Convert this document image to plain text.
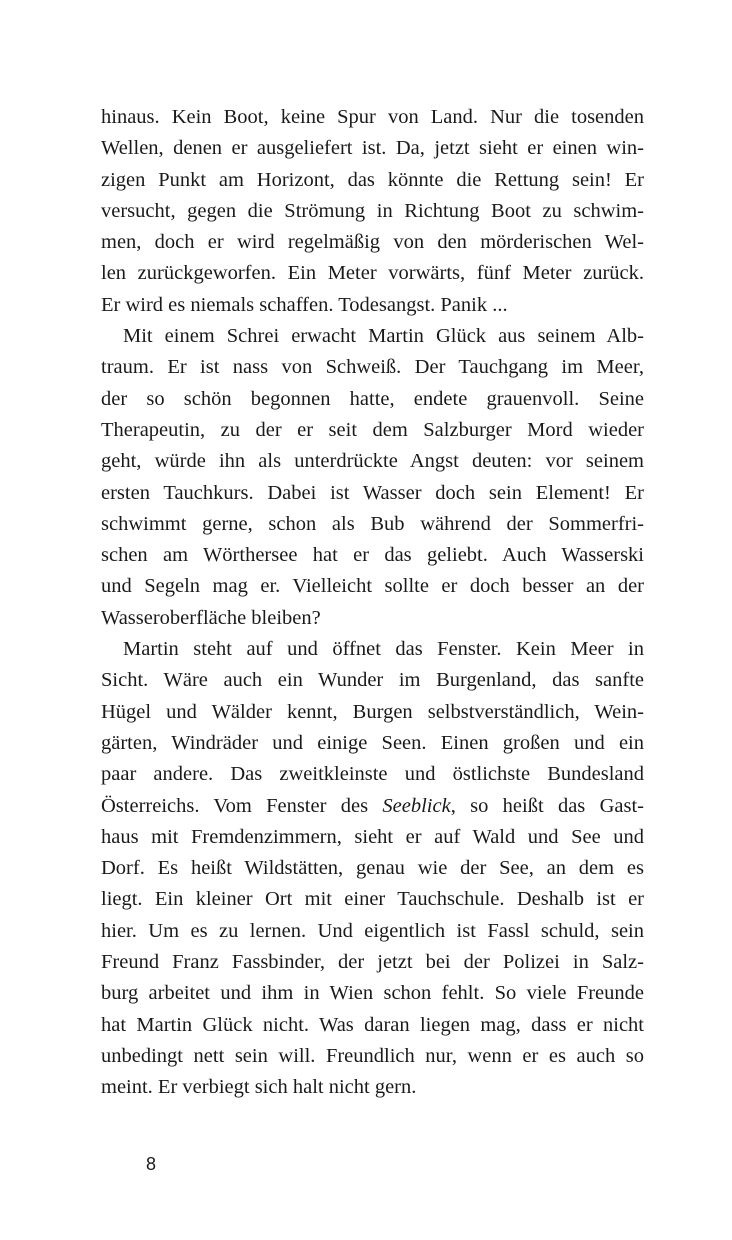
hinaus. Kein Boot, keine Spur von Land. Nur die tosenden
Wellen, denen er ausgeliefert ist. Da, jetzt sieht er einen win-
zigen Punkt am Horizont, das könnte die Rettung sein! Er
versucht, gegen die Strömung in Richtung Boot zu schwim-
men, doch er wird regelmäßig von den mörderischen Wel-
len zurückgeworfen. Ein Meter vorwärts, fünf Meter zurück.
Er wird es niemals schaffen. Todesangst. Panik ...
Mit einem Schrei erwacht Martin Glück aus seinem Alb-
traum. Er ist nass von Schweiß. Der Tauchgang im Meer,
der so schön begonnen hatte, endete grauenvoll. Seine
Therapeutin, zu der er seit dem Salzburger Mord wieder
geht, würde ihn als unterdrückte Angst deuten: vor seinem
ersten Tauchkurs. Dabei ist Wasser doch sein Element! Er
schwimmt gerne, schon als Bub während der Sommerfri-
schen am Wörthersee hat er das geliebt. Auch Wasserski
und Segeln mag er. Vielleicht sollte er doch besser an der
Wasseroberfläche bleiben?
Martin steht auf und öffnet das Fenster. Kein Meer in
Sicht. Wäre auch ein Wunder im Burgenland, das sanfte
Hügel und Wälder kennt, Burgen selbstverständlich, Wein-
gärten, Windräder und einige Seen. Einen großen und ein
paar andere. Das zweitkleinste und östlichste Bundesland
Österreichs. Vom Fenster des Seeblick, so heißt das Gast-
haus mit Fremdenzimmern, sieht er auf Wald und See und
Dorf. Es heißt Wildstätten, genau wie der See, an dem es
liegt. Ein kleiner Ort mit einer Tauchschule. Deshalb ist er
hier. Um es zu lernen. Und eigentlich ist Fassl schuld, sein
Freund Franz Fassbinder, der jetzt bei der Polizei in Salz-
burg arbeitet und ihm in Wien schon fehlt. So viele Freunde
hat Martin Glück nicht. Was daran liegen mag, dass er nicht
unbedingt nett sein will. Freundlich nur, wenn er es auch so
meint. Er verbiegt sich halt nicht gern.
8
